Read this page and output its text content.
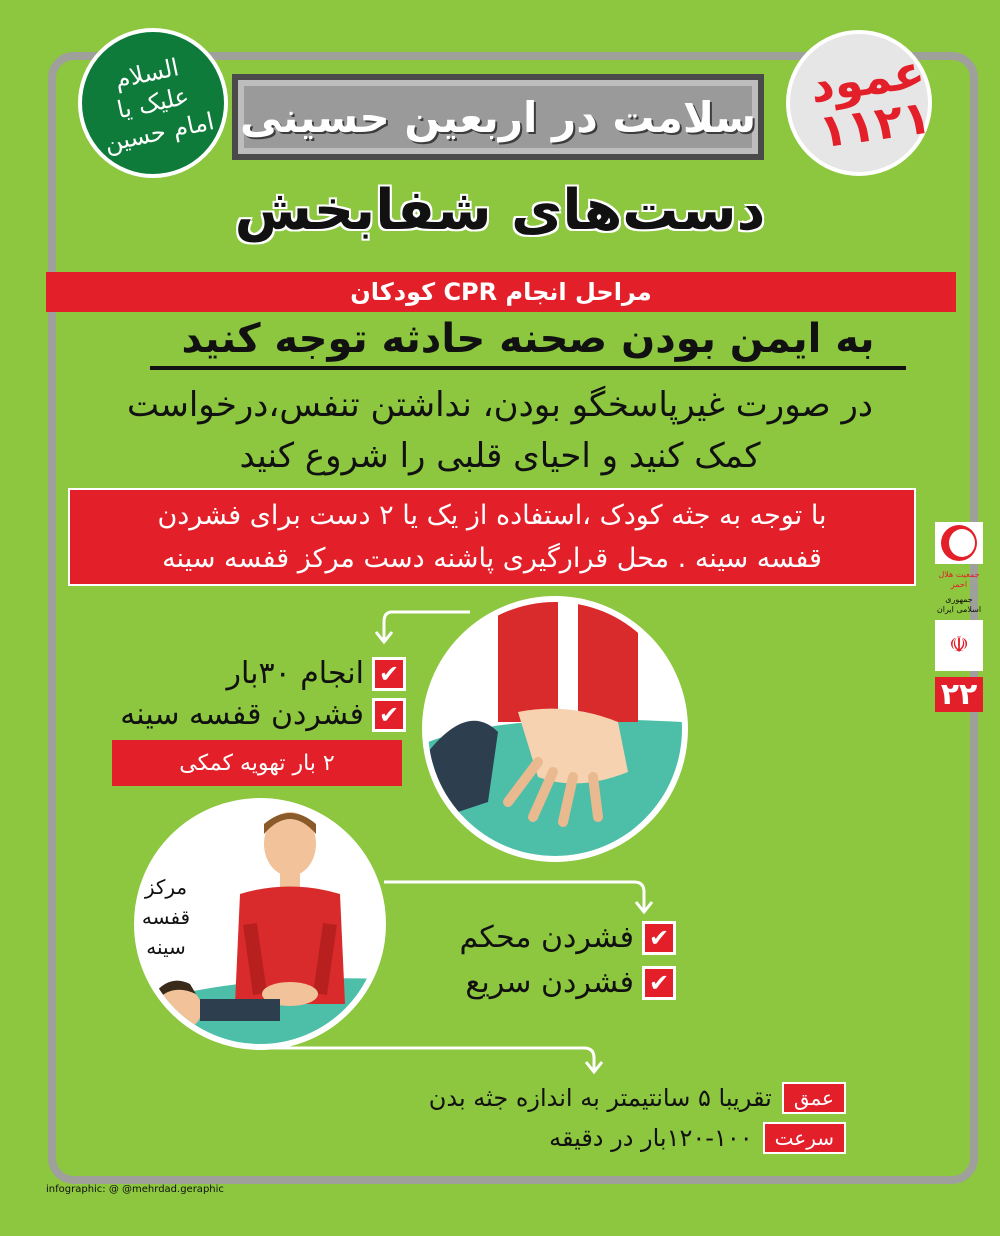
السلام علیک یا امام حسین سلامت در اربعین حسینی
عمود ۱۱۲۱
دست‌های شفابخش
مراحل انجام CPR کودکان
به ایمن بودن صحنه حادثه توجه کنید
در صورت غیرپاسخگو بودن، نداشتن تنفس،درخواست
کمک کنید و احیای قلبی را شروع کنید
با توجه به جثه کودک ،استفاده از یک یا ۲ دست برای فشردن
قفسه سینه . محل قرارگیری پاشنه دست مرکز قفسه سینه
جمعیت هلال احمر
جمهوری اسلامی ایران
☫
۲۲
✔
انجام ۳۰بار
✔
فشردن قفسه سینه
۲ بار تهویه کمکی
مرکز
قفسه
سینه	✔
فشردن محکم
✔
فشردن سریع
عمق
تقریبا ۵ سانتیمتر به اندازه جثه بدن
سرعت
۱۲۰-۱۰۰بار در دقیقه
infographic: @ @mehrdad.geraphic
